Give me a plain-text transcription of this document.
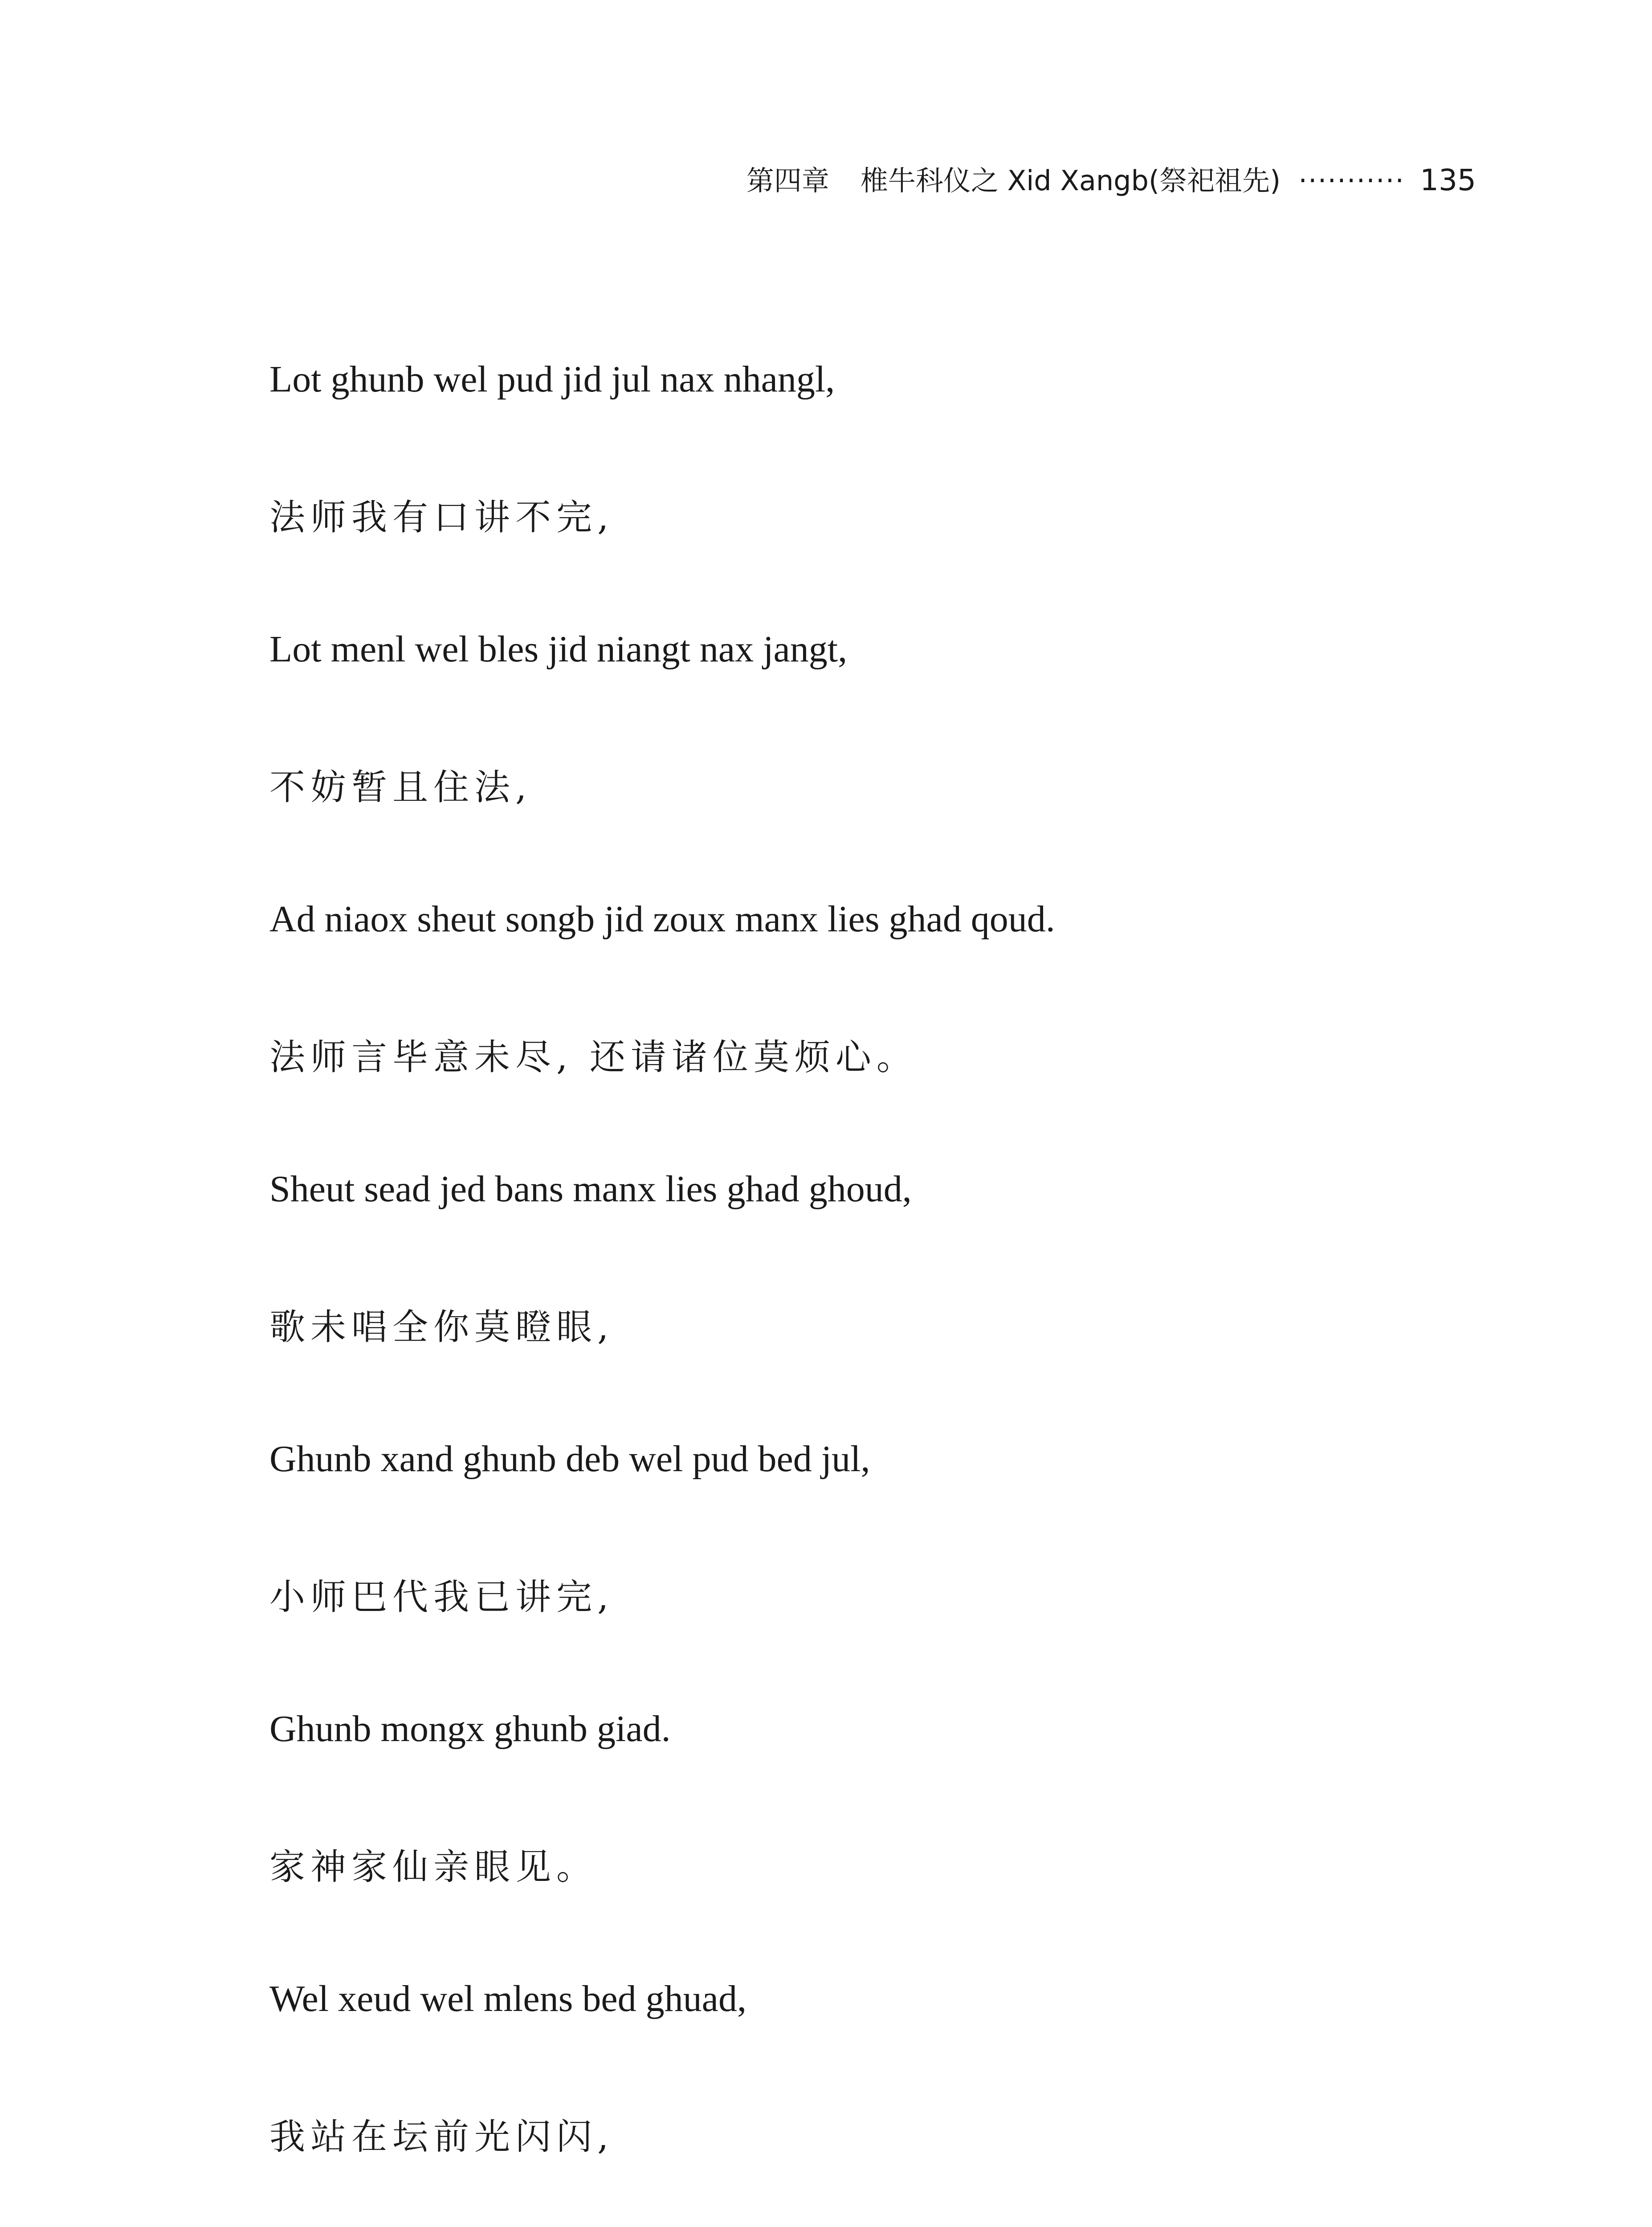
第四章 椎牛科仪之 Xid Xangb(祭祀祖先) ··········· 135
Lot ghunb wel pud jid jul nax nhangl,
法师我有口讲不完,
Lot menl wel bles jid niangt nax jangt,
不妨暂且住法,
Ad niaox sheut songb jid zoux manx lies ghad qoud.
法师言毕意未尽, 还请诸位莫烦心。
Sheut sead jed bans manx lies ghad ghoud,
歌未唱全你莫瞪眼,
Ghunb xand ghunb deb wel pud bed jul,
小师巴代我已讲完,
Ghunb mongx ghunb giad.
家神家仙亲眼见。
Wel xeud wel mlens bed ghuad,
我站在坛前光闪闪,
